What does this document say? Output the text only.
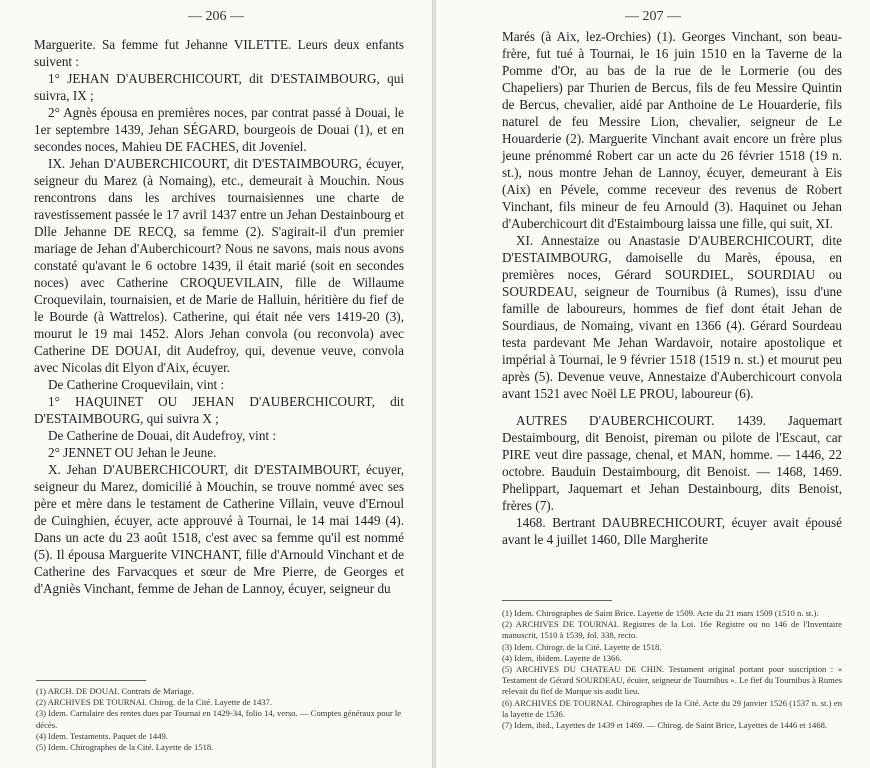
— 206 —

Marguerite. Sa femme fut Jehanne VILETTE. Leurs deux enfants suivent :

1° JEHAN D'AUBERCHICOURT, dit D'ESTAIMBOURG, qui suivra, IX ;

2° Agnès épousa en premières noces, par contrat passé à Douai, le 1er septembre 1439, Jehan SÉGARD, bourgeois de Douai (1), et en secondes noces, Mahieu DE FACHES, dit Joveniel.

IX. Jehan D'AUBERCHICOURT, dit D'ESTAIMBOURG, écuyer, seigneur du Marez (à Nomaing), etc., demeurait à Mouchin. Nous rencontrons dans les archives tournaisiennes une charte de ravestissement passée le 17 avril 1437 entre un Jehan Destainbourg et Dlle Jehanne DE RECQ, sa femme (2). S'agirait-il d'un premier mariage de Jehan d'Auberchicourt? Nous ne savons, mais nous avons constaté qu'avant le 6 octobre 1439, il était marié (soit en secondes noces) avec Catherine CROQUEVILAIN, fille de Willaume Croquevilain, tournaisien, et de Marie de Halluin, héritière du fief de le Bourde (à Wattrelos). Catherine, qui était née vers 1419-20 (3), mourut le 19 mai 1452. Alors Jehan convola (ou reconvola) avec Catherine DE DOUAI, dit Audefroy, qui, devenue veuve, convola avec Nicolas dit Elyon d'Aix, écuyer.

De Catherine Croquevilain, vint :

1° HAQUINET OU JEHAN D'AUBERCHICOURT, dit D'ESTAIMBOURG, qui suivra X ;

De Catherine de Douai, dit Audefroy, vint :

2° JENNET OU Jehan le Jeune.

X. Jehan D'AUBERCHICOURT, dit D'ESTAIMBOURT, écuyer, seigneur du Marez, domicilié à Mouchin, se trouve nommé avec ses père et mère dans le testament de Catherine Villain, veuve d'Ernoul de Cuinghien, écuyer, acte approuvé à Tournai, le 14 mai 1449 (4). Dans un acte du 23 août 1518, c'est avec sa femme qu'il est nommé (5). Il épousa Marguerite VINCHANT, fille d'Arnould Vinchant et de Catherine des Farvacques et sœur de Mre Pierre, de Georges et d'Agniès Vinchant, femme de Jehan de Lannoy, écuyer, seigneur du

(1) ARCH. DE DOUAI. Contrats de Mariage.

(2) ARCHIVES DE TOURNAI. Chirog. de la Cité. Layette de 1437.

(3) Idem. Cartulaire des rentes dues par Tournai en 1429-34, folio 14, verso. — Comptes généraux pour le décès.

(4) Idem. Testaments. Paquet de 1449.

(5) Idem. Chirographes de la Cité. Layette de 1518.

— 207 —

Marés (à Aix, lez-Orchies) (1). Georges Vinchant, son beau-frère, fut tué à Tournai, le 16 juin 1510 en la Taverne de la Pomme d'Or, au bas de la rue de le Lormerie (ou des Chapeliers) par Thurien de Bercus, fils de feu Messire Quintin de Bercus, chevalier, aidé par Anthoine de Le Houarderie, fils naturel de feu Messire Lion, chevalier, seigneur de Le Houarderie (2). Marguerite Vinchant avait encore un frère plus jeune prénommé Robert car un acte du 26 février 1518 (19 n. st.), nous montre Jehan de Lannoy, écuyer, demeurant à Eis (Aix) en Pévele, comme receveur des revenus de Robert Vinchant, fils mineur de feu Arnould (3). Haquinet ou Jehan d'Auberchicourt dit d'Estaimbourg laissa une fille, qui suit, XI.

XI. Annestaize ou Anastasie D'AUBERCHICOURT, dite D'ESTAIMBOURG, damoiselle du Marès, épousa, en premières noces, Gérard SOURDIEL, SOURDIAU ou SOURDEAU, seigneur de Tournibus (à Rumes), issu d'une famille de laboureurs, hommes de fief dont était Jehan de Sourdiaus, de Nomaing, vivant en 1366 (4). Gérard Sourdeau testa pardevant Me Jehan Wardavoir, notaire apostolique et impérial à Tournai, le 9 février 1518 (1519 n. st.) et mourut peu après (5). Devenue veuve, Annestaize d'Auberchicourt convola avant 1521 avec Noël LE PROU, laboureur (6).

AUTRES D'AUBERCHICOURT. 1439. Jaquemart Destaimbourg, dit Benoist, pireman ou pilote de l'Escaut, car PIRE veut dire passage, chenal, et MAN, homme. — 1446, 22 octobre. Bauduin Destaimbourg, dit Benoist. — 1468, 1469. Phelippart, Jaquemart et Jehan Destainbourg, dits Benoist, frères (7).

1468. Bertrant DAUBRECHICOURT, écuyer avait épousé avant le 4 juillet 1460, Dlle Margherite

(1) Idem. Chirographes de Saint Brice. Layette de 1509. Acte du 21 mars 1509 (1510 n. st.).

(2) ARCHIVES DE TOURNAI. Registres de la Loi. 16e Registre ou no 146 de l'Inventaire manuscrit, 1510 à 1539, fol. 338, recto.

(3) Idem. Chirogr. de la Cité. Layette de 1518.

(4) Idem, ibidem. Layette de 1366.

(5) ARCHIVES DU CHATEAU DE CHIN. Testament original portant pour suscription : « Testament de Gérard SOURDEAU, écuier, seigneur de Tournibus ». Le fief du Tournibus à Rumes relevait du fief de Marque sis audit lieu.

(6) ARCHIVES DE TOURNAI. Chirographes de la Cité. Acte du 29 janvier 1526 (1537 n. st.) en la layette de 1536.

(7) Idem, ibid., Layettes de 1439 et 1469. — Chirog. de Saint Brice, Layettes de 1446 et 1468.
